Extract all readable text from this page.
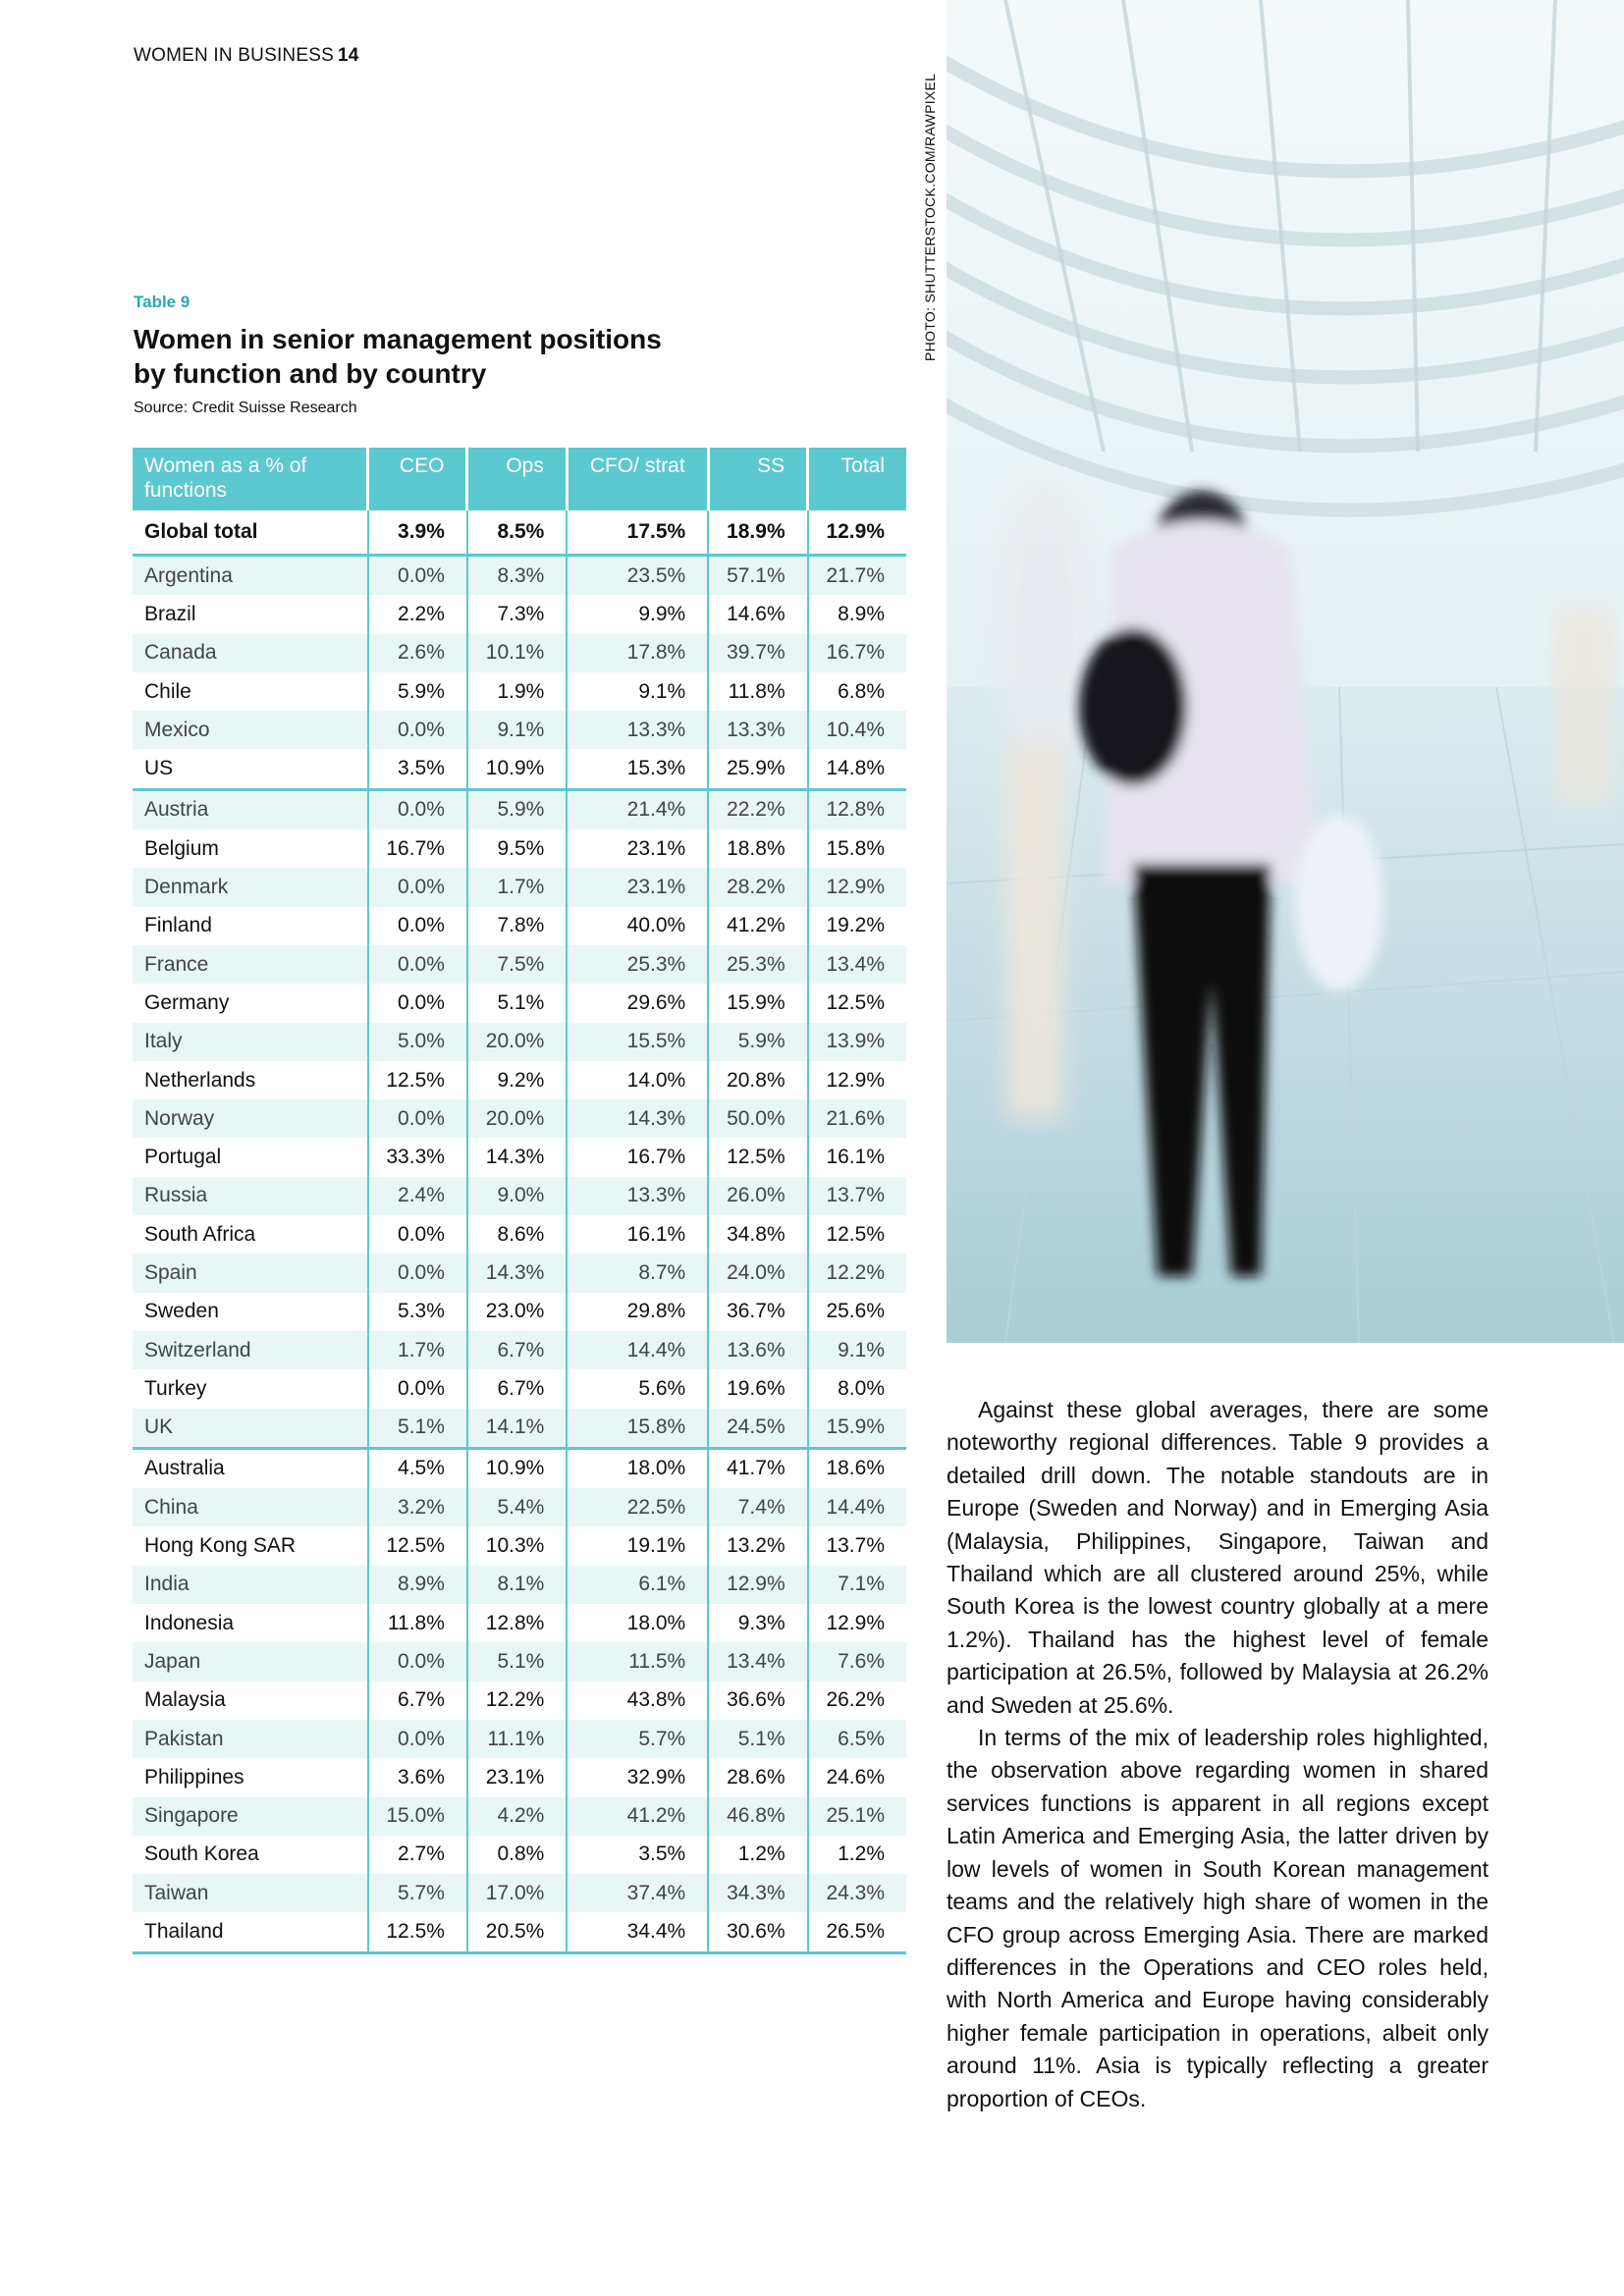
WOMEN IN BUSINESS 14
Table 9
Women in senior management positions by function and by country
Source: Credit Suisse Research
PHOTO: SHUTTERSTOCK.COM/RAWPIXEL
Women as a % of functions	CEO	Ops	CFO/ strat	SS	Total
Global total	3.9%	8.5%	17.5%	18.9%	12.9%
Argentina	0.0%	8.3%	23.5%	57.1%	21.7%
Brazil	2.2%	7.3%	9.9%	14.6%	8.9%
Canada	2.6%	10.1%	17.8%	39.7%	16.7%
Chile	5.9%	1.9%	9.1%	11.8%	6.8%
Mexico	0.0%	9.1%	13.3%	13.3%	10.4%
US	3.5%	10.9%	15.3%	25.9%	14.8%
Austria	0.0%	5.9%	21.4%	22.2%	12.8%
Belgium	16.7%	9.5%	23.1%	18.8%	15.8%
Denmark	0.0%	1.7%	23.1%	28.2%	12.9%
Finland	0.0%	7.8%	40.0%	41.2%	19.2%
France	0.0%	7.5%	25.3%	25.3%	13.4%
Germany	0.0%	5.1%	29.6%	15.9%	12.5%
Italy	5.0%	20.0%	15.5%	5.9%	13.9%
Netherlands	12.5%	9.2%	14.0%	20.8%	12.9%
Norway	0.0%	20.0%	14.3%	50.0%	21.6%
Portugal	33.3%	14.3%	16.7%	12.5%	16.1%
Russia	2.4%	9.0%	13.3%	26.0%	13.7%
South Africa	0.0%	8.6%	16.1%	34.8%	12.5%
Spain	0.0%	14.3%	8.7%	24.0%	12.2%
Sweden	5.3%	23.0%	29.8%	36.7%	25.6%
Switzerland	1.7%	6.7%	14.4%	13.6%	9.1%
Turkey	0.0%	6.7%	5.6%	19.6%	8.0%
UK	5.1%	14.1%	15.8%	24.5%	15.9%
Australia	4.5%	10.9%	18.0%	41.7%	18.6%
China	3.2%	5.4%	22.5%	7.4%	14.4%
Hong Kong SAR	12.5%	10.3%	19.1%	13.2%	13.7%
India	8.9%	8.1%	6.1%	12.9%	7.1%
Indonesia	11.8%	12.8%	18.0%	9.3%	12.9%
Japan	0.0%	5.1%	11.5%	13.4%	7.6%
Malaysia	6.7%	12.2%	43.8%	36.6%	26.2%
Pakistan	0.0%	11.1%	5.7%	5.1%	6.5%
Philippines	3.6%	23.1%	32.9%	28.6%	24.6%
Singapore	15.0%	4.2%	41.2%	46.8%	25.1%
South Korea	2.7%	0.8%	3.5%	1.2%	1.2%
Taiwan	5.7%	17.0%	37.4%	34.3%	24.3%
Thailand	12.5%	20.5%	34.4%	30.6%	26.5%

Against these global averages, there are some noteworthy regional differences. Table 9 provides a detailed drill down. The notable standouts are in Europe (Sweden and Norway) and in Emerging Asia (Malaysia, Philippines, Singapore, Taiwan and Thailand which are all clustered around 25%, while South Korea is the lowest country globally at a mere 1.2%). Thailand has the highest level of female participation at 26.5%, followed by Malaysia at 26.2% and Sweden at 25.6%.

In terms of the mix of leadership roles highlighted, the observation above regarding women in shared services functions is apparent in all regions except Latin America and Emerging Asia, the latter driven by low levels of women in South Korean management teams and the relatively high share of women in the CFO group across Emerging Asia. There are marked differences in the Operations and CEO roles held, with North America and Europe having considerably higher female participation in operations, albeit only around 11%. Asia is typically reflecting a greater proportion of CEOs.
